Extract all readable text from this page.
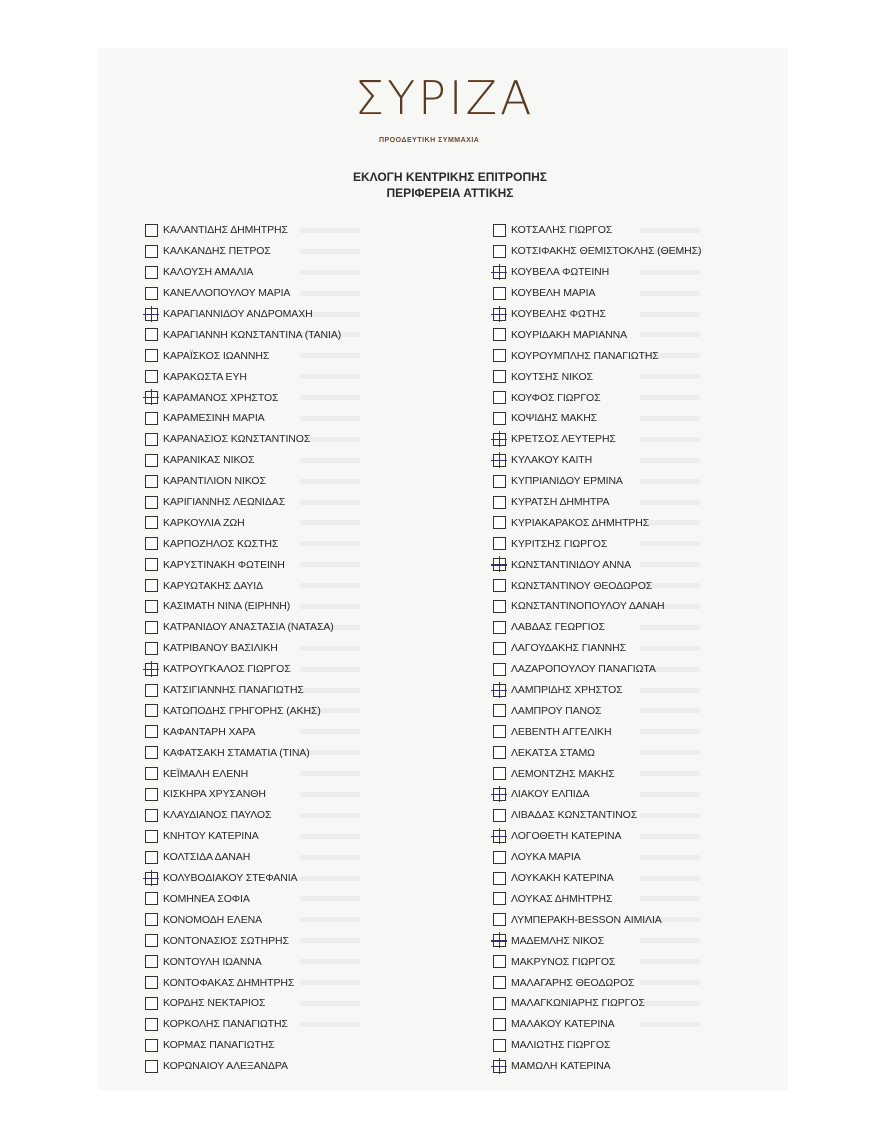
ΣΥΡΙΖΑ
ΠΡΟΟΔΕΥΤΙΚΗ ΣΥΜΜΑΧΙΑ
ΕΚΛΟΓΗ ΚΕΝΤΡΙΚΗΣ ΕΠΙΤΡΟΠΗΣ
ΠΕΡΙΦΕΡΕΙΑ ΑΤΤΙΚΗΣ
ΚΑΛΑΝΤΙΔΗΣ ΔΗΜΗΤΡΗΣ
ΚΑΛΚΑΝΔΗΣ ΠΕΤΡΟΣ
ΚΑΛΟΥΣΗ ΑΜΑΛΙΑ
ΚΑΝΕΛΛΟΠΟΥΛΟΥ ΜΑΡΙΑ
ΚΑΡΑΓΙΑΝΝΙΔΟΥ ΑΝΔΡΟΜΑΧΗ
ΚΑΡΑΓΙΑΝΝΗ ΚΩΝΣΤΑΝΤΙΝΑ (ΤΑΝΙΑ)
ΚΑΡΑΪΣΚΟΣ ΙΩΑΝΝΗΣ
ΚΑΡΑΚΩΣΤΑ ΕΥΗ
ΚΑΡΑΜΑΝΟΣ ΧΡΗΣΤΟΣ
ΚΑΡΑΜΕΣΙΝΗ ΜΑΡΙΑ
ΚΑΡΑΝΑΣΙΟΣ ΚΩΝΣΤΑΝΤΙΝΟΣ
ΚΑΡΑΝΙΚΑΣ ΝΙΚΟΣ
ΚΑΡΑΝΤΙΛΙΟΝ ΝΙΚΟΣ
ΚΑΡΙΓΙΑΝΝΗΣ ΛΕΩΝΙΔΑΣ
ΚΑΡΚΟΥΛΙΑ ΖΩΗ
ΚΑΡΠΟΖΗΛΟΣ ΚΩΣΤΗΣ
ΚΑΡΥΣΤΙΝΑΚΗ ΦΩΤΕΙΝΗ
ΚΑΡΥΩΤΑΚΗΣ ΔΑΥΙΔ
ΚΑΣΙΜΑΤΗ ΝΙΝΑ (ΕΙΡΗΝΗ)
ΚΑΤΡΑΝΙΔΟΥ ΑΝΑΣΤΑΣΙΑ (ΝΑΤΑΣΑ)
ΚΑΤΡΙΒΑΝΟΥ ΒΑΣΙΛΙΚΗ
ΚΑΤΡΟΥΓΚΑΛΟΣ ΓΙΩΡΓΟΣ
ΚΑΤΣΙΓΙΑΝΝΗΣ ΠΑΝΑΓΙΩΤΗΣ
ΚΑΤΩΠΟΔΗΣ ΓΡΗΓΟΡΗΣ (ΑΚΗΣ)
ΚΑΦΑΝΤΑΡΗ ΧΑΡΑ
ΚΑΦΑΤΣΑΚΗ ΣΤΑΜΑΤΙΑ (ΤΙΝΑ)
ΚΕΪΜΑΛΗ ΕΛΕΝΗ
ΚΙΣΚΗΡΑ ΧΡΥΣΑΝΘΗ
ΚΛΑΥΔΙΑΝΟΣ ΠΑΥΛΟΣ
ΚΝΗΤΟΥ ΚΑΤΕΡΙΝΑ
ΚΟΛΤΣΙΔΑ ΔΑΝΑΗ
ΚΟΛΥΒΟΔΙΑΚΟΥ ΣΤΕΦΑΝΙΑ
ΚΟΜΗΝΕΑ ΣΟΦΙΑ
ΚΟΝΟΜΟΔΗ ΕΛΕΝΑ
ΚΟΝΤΟΝΑΣΙΟΣ ΣΩΤΗΡΗΣ
ΚΟΝΤΟΥΛΗ ΙΩΑΝΝΑ
ΚΟΝΤΟΦΑΚΑΣ ΔΗΜΗΤΡΗΣ
ΚΟΡΔΗΣ ΝΕΚΤΑΡΙΟΣ
ΚΟΡΚΟΛΗΣ ΠΑΝΑΓΙΩΤΗΣ
ΚΟΡΜΑΣ ΠΑΝΑΓΙΩΤΗΣ
ΚΟΡΩΝΑΙΟΥ ΑΛΕΞΑΝΔΡΑ
ΚΟΤΣΑΛΗΣ ΓΙΩΡΓΟΣ
ΚΟΤΣΙΦΑΚΗΣ ΘΕΜΙΣΤΟΚΛΗΣ (ΘΕΜΗΣ)
ΚΟΥΒΕΛΑ ΦΩΤΕΙΝΗ
ΚΟΥΒΕΛΗ ΜΑΡΙΑ
ΚΟΥΒΕΛΗΣ ΦΩΤΗΣ
ΚΟΥΡΙΔΑΚΗ ΜΑΡΙΑΝΝΑ
ΚΟΥΡΟΥΜΠΛΗΣ ΠΑΝΑΓΙΩΤΗΣ
ΚΟΥΤΣΗΣ ΝΙΚΟΣ
ΚΟΥΦΟΣ ΓΙΩΡΓΟΣ
ΚΟΨΙΔΗΣ ΜΑΚΗΣ
ΚΡΕΤΣΟΣ ΛΕΥΤΕΡΗΣ
ΚΥΛΑΚΟΥ ΚΑΙΤΗ
ΚΥΠΡΙΑΝΙΔΟΥ ΕΡΜΙΝΑ
ΚΥΡΑΤΣΗ ΔΗΜΗΤΡΑ
ΚΥΡΙΑΚΑΡΑΚΟΣ ΔΗΜΗΤΡΗΣ
ΚΥΡΙΤΣΗΣ ΓΙΩΡΓΟΣ
ΚΩΝΣΤΑΝΤΙΝΙΔΟΥ ΑΝΝΑ
ΚΩΝΣΤΑΝΤΙΝΟΥ ΘΕΟΔΩΡΟΣ
ΚΩΝΣΤΑΝΤΙΝΟΠΟΥΛΟΥ ΔΑΝΑΗ
ΛΑΒΔΑΣ ΓΕΩΡΓΙΟΣ
ΛΑΓΟΥΔΑΚΗΣ ΓΙΑΝΝΗΣ
ΛΑΖΑΡΟΠΟΥΛΟΥ ΠΑΝΑΓΙΩΤΑ
ΛΑΜΠΡΙΔΗΣ ΧΡΗΣΤΟΣ
ΛΑΜΠΡΟΥ ΠΑΝΟΣ
ΛΕΒΕΝΤΗ ΑΓΓΕΛΙΚΗ
ΛΕΚΑΤΣΑ ΣΤΑΜΩ
ΛΕΜΟΝΤΖΗΣ ΜΑΚΗΣ
ΛΙΑΚΟΥ ΕΛΠΙΔΑ
ΛΙΒΑΔΑΣ ΚΩΝΣΤΑΝΤΙΝΟΣ
ΛΟΓΟΘΕΤΗ ΚΑΤΕΡΙΝΑ
ΛΟΥΚΑ ΜΑΡΙΑ
ΛΟΥΚΑΚΗ ΚΑΤΕΡΙΝΑ
ΛΟΥΚΑΣ ΔΗΜΗΤΡΗΣ
ΛΥΜΠΕΡΑΚΗ-BESSON ΑΙΜΙΛΙΑ
ΜΑΔΕΜΛΗΣ ΝΙΚΟΣ
ΜΑΚΡΥΝΟΣ ΓΙΩΡΓΟΣ
ΜΑΛΑΓΑΡΗΣ ΘΕΟΔΩΡΟΣ
ΜΑΛΑΓΚΩΝΙΑΡΗΣ ΓΙΩΡΓΟΣ
ΜΑΛΑΚΟΥ ΚΑΤΕΡΙΝΑ
ΜΑΛΙΩΤΗΣ ΓΙΩΡΓΟΣ
ΜΑΜΩΛΗ ΚΑΤΕΡΙΝΑ
